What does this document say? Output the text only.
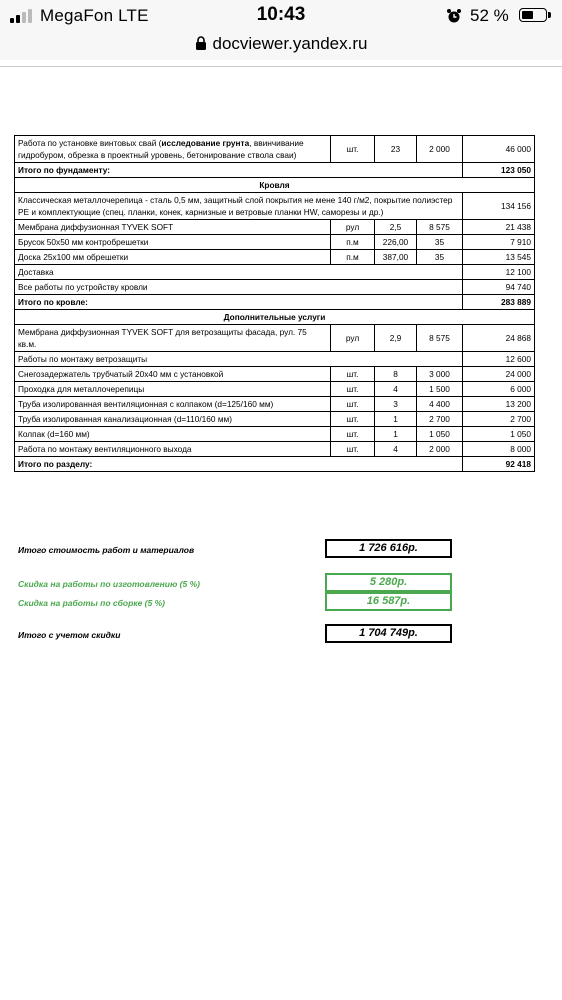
MegaFon LTE	10:43	52 %
docviewer.yandex.ru
Работа по установке винтовых свай (исследование грунта, ввинчивание гидробуром, обрезка в проектный уровень, бетонирование ствола сваи)	шт.	23	2 000	46 000
Итого по фундаменту:				123 050
Кровля				
Классическая металлочерепица - сталь 0,5 мм, защитный слой покрытия не мене 140 г/м2, покрытие полиэстер PE и комплектующие (спец. планки, конек, карнизные и ветровые планки HW, саморезы и др.)				134 156
Мембрана диффузионная TYVEK SOFT	рул	2,5	8 575	21 438
Брусок 50х50 мм контробрешетки	п.м	226,00	35	7 910
Доска 25х100 мм обрешетки	п.м	387,00	35	13 545
Доставка				12 100
Все работы по устройству кровли				94 740
Итого по кровле:				283 889
Дополнительные услуги				
Мембрана диффузионная TYVEK SOFT для ветрозащиты фасада, рул. 75 кв.м.	рул	2,9	8 575	24 868
Работы по монтажу ветрозащиты				12 600
Снегозадержатель трубчатый 20х40 мм с установкой	шт.	8	3 000	24 000
Проходка для металлочерепицы	шт.	4	1 500	6 000
Труба изолированная вентиляционная с колпаком (d=125/160 мм)	шт.	3	4 400	13 200
Труба изолированная канализационная (d=110/160 мм)	шт.	1	2 700	2 700
Колпак (d=160 мм)	шт.	1	1 050	1 050
Работа по монтажу вентиляционного выхода	шт.	4	2 000	8 000
Итого по разделу:				92 418
Итого стоимость работ и материалов	1 726 616р.
Скидка на работы по изготовлению (5 %)	5 280р.
Скидка на работы по сборке (5 %)	16 587р.
Итого с учетом скидки	1 704 749р.
